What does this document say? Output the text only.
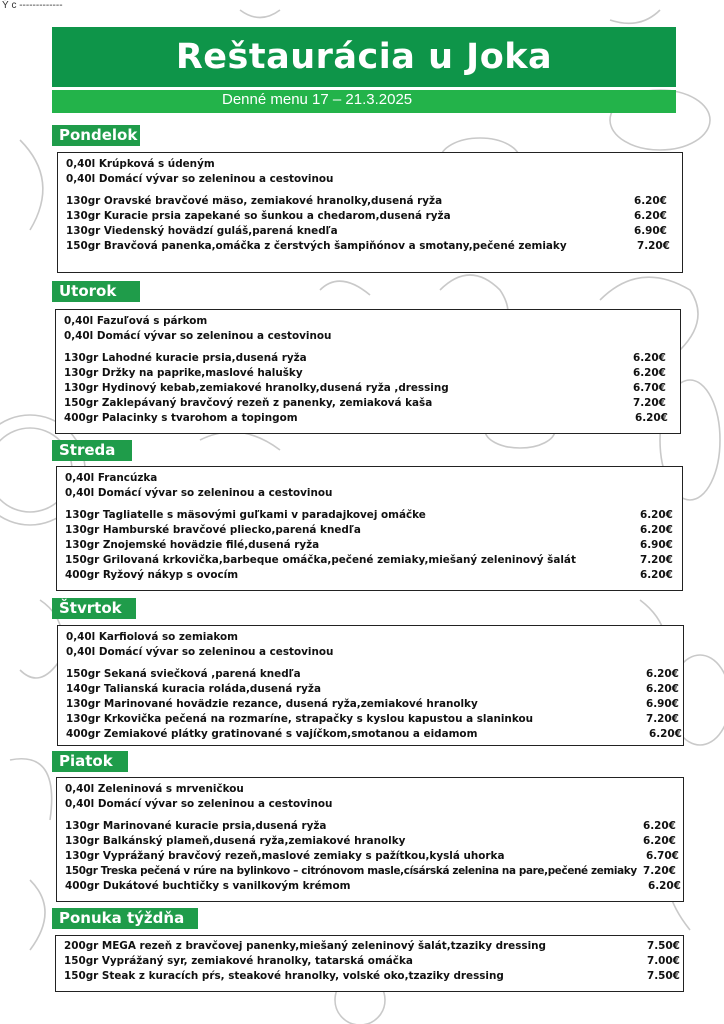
Ý c -------------
Reštaurácia u Joka
Denné menu 17 – 21.3.2025
Pondelok
0,40l Krúpková s údeným
0,40l Domácí vývar so zeleninou a cestovinou
130gr Oravské bravčové mäso, zemiakové hranolky,dusená ryža	6.20€
130gr Kuracie prsia zapekané so šunkou a chedarom,dusená ryža	6.20€
130gr Viedenský hovädzí guláš,parená knedľa	6.90€
150gr Bravčová panenka,omáčka z čerstvých šampiňónov a smotany,pečené zemiaky	7.20€
Utorok
0,40l Fazuľová s párkom
0,40l Domácí vývar so zeleninou a cestovinou
130gr Lahodné kuracie prsia,dusená ryža	6.20€
130gr Držky na paprike,maslové halušky	6.20€
130gr Hydinový kebab,zemiakové hranolky,dusená ryža ,dressing	6.70€
150gr Zaklepávaný bravčový rezeň z panenky, zemiaková kaša	7.20€
400gr Palacinky s tvarohom a topingom	6.20€
Streda
0,40l Francúzka
0,40l Domácí vývar so zeleninou a cestovinou
130gr Tagliatelle s mäsovými guľkami v paradajkovej omáčke	6.20€
130gr Hamburské bravčové pliecko,parená knedľa	6.20€
130gr Znojemské hovädzie filé,dusená ryža	6.90€
150gr Grilovaná krkovička,barbeque omáčka,pečené zemiaky,miešaný zeleninový šalát	7.20€
400gr Ryžový nákyp s ovocím	6.20€
Štvrtok
0,40l Karfiolová so zemiakom
0,40l Domácí vývar so zeleninou a cestovinou
150gr Sekaná sviečková ,parená knedľa	6.20€
140gr Talianská kuracia roláda,dusená ryža	6.20€
130gr Marinované hovädzie rezance, dusená ryža,zemiakové hranolky	6.90€
130gr Krkovička pečená na rozmaríne, strapačky s kyslou kapustou a slaninkou	7.20€
400gr Zemiakové plátky gratinované s vajíčkom,smotanou a eidamom	6.20€
Piatok
0,40l Zeleninová s mrveničkou
0,40l Domácí vývar so zeleninou a cestovinou
130gr Marinované kuracie prsia,dusená ryža	6.20€
130gr Balkánský plameň,dusená ryža,zemiakové hranolky	6.20€
130gr Vyprážaný bravčový rezeň,maslové zemiaky s pažítkou,kyslá uhorka	6.70€
150gr Treska pečená v rúre na bylinkovo – citrónovom masle,císárská zelenina na pare,pečené zemiaky 7.20€
400gr Dukátové buchtičky s vanilkovým krémom	6.20€
Ponuka týždňa
200gr MEGA rezeň z bravčovej panenky,miešaný zeleninový šalát,tzaziky dressing	7.50€
150gr Vyprážaný syr, zemiakové hranolky, tatarská omáčka	7.00€
150gr Steak z kuracích pŕs, steakové hranolky, volské oko,tzaziky dressing	7.50€
